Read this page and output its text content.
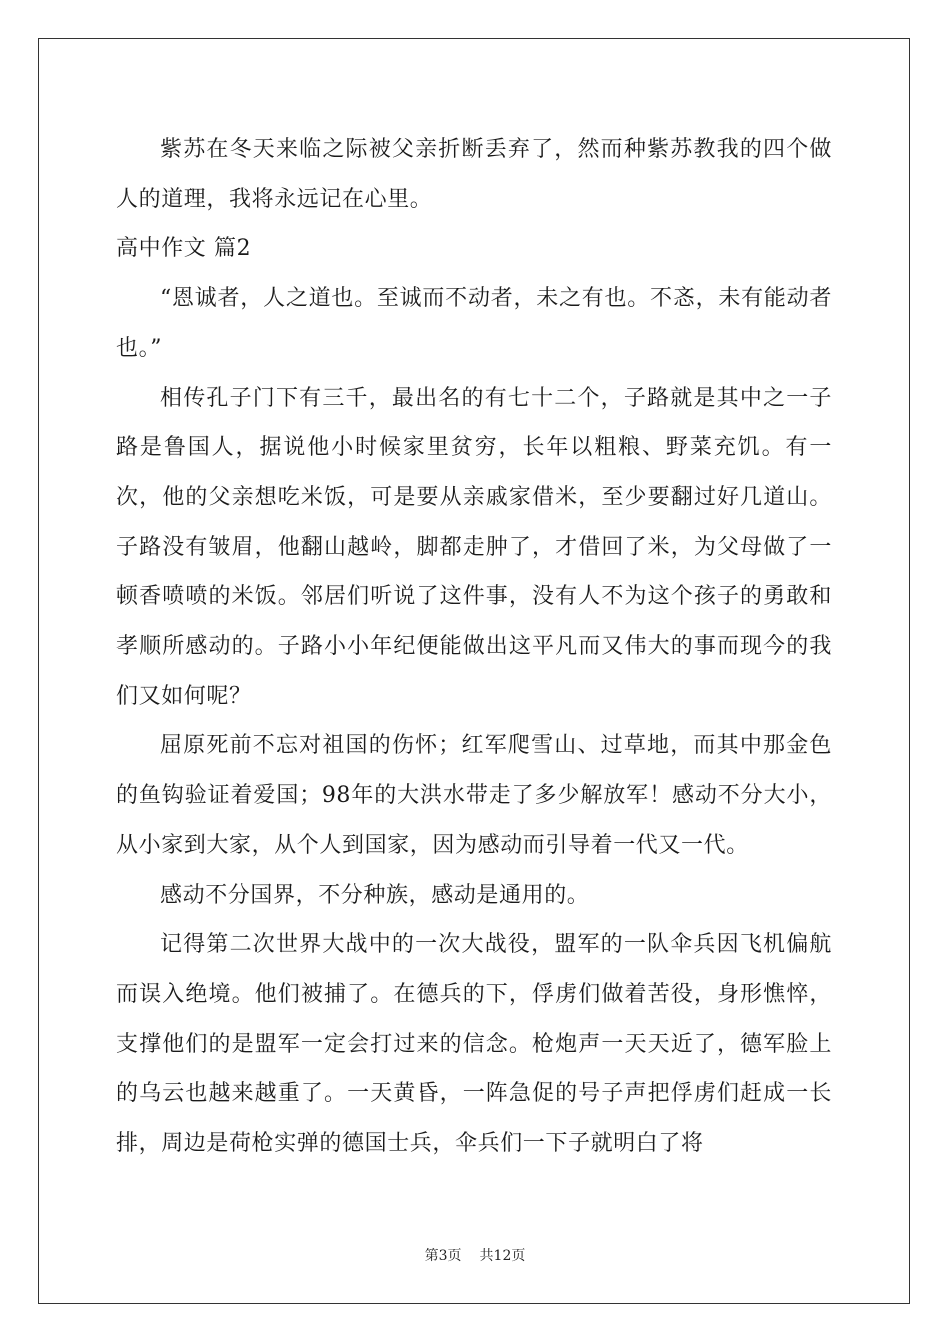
紫苏在冬天来临之际被父亲折断丢弃了，然而种紫苏教我的四个做人的道理，我将永远记在心里。

高中作文 篇2

“恩诚者，人之道也。至诚而不动者，未之有也。不忞，未有能动者也。”

相传孔子门下有三千，最出名的有七十二个，子路就是其中之一子路是鲁国人，据说他小时候家里贫穷，长年以粗粮、野菜充饥。有一次，他的父亲想吃米饭，可是要从亲戚家借米，至少要翻过好几道山。子路没有皱眉，他翻山越岭，脚都走肿了，才借回了米，为父母做了一顿香喷喷的米饭。邻居们听说了这件事，没有人不为这个孩子的勇敢和孝顺所感动的。子路小小年纪便能做出这平凡而又伟大的事而现今的我们又如何呢？

屈原死前不忘对祖国的伤怀；红军爬雪山、过草地，而其中那金色的鱼钩验证着爱国；98年的大洪水带走了多少解放军！感动不分大小，从小家到大家，从个人到国家，因为感动而引导着一代又一代。

感动不分国界，不分种族，感动是通用的。

记得第二次世界大战中的一次大战役，盟军的一队伞兵因飞机偏航而误入绝境。他们被捕了。在德兵的下，俘虏们做着苦役，身形憔悴，支撑他们的是盟军一定会打过来的信念。枪炮声一天天近了，德军脸上的乌云也越来越重了。一天黄昏，一阵急促的号子声把俘虏们赶成一长排，周边是荷枪实弹的德国士兵，伞兵们一下子就明白了将

第3页 共12页
